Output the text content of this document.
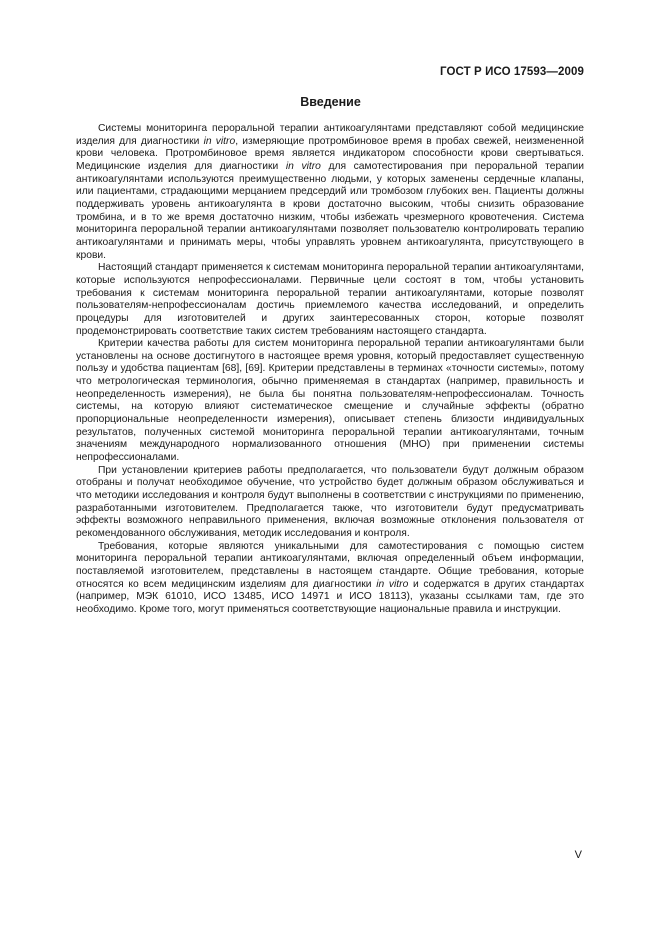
ГОСТ Р ИСО 17593—2009
Введение

Системы мониторинга пероральной терапии антикоагулянтами представляют собой медицинские изделия для диагностики in vitro, измеряющие протромбиновое время в пробах свежей, неизмененной крови человека. Протромбиновое время является индикатором способности крови свертываться. Медицинские изделия для диагностики in vitro для самотестирования при пероральной терапии антикоагулянтами используются преимущественно людьми, у которых заменены сердечные клапаны, или пациентами, страдающими мерцанием предсердий или тромбозом глубоких вен. Пациенты должны поддерживать уровень антикоагулянта в крови достаточно высоким, чтобы снизить образование тромбина, и в то же время достаточно низким, чтобы избежать чрезмерного кровотечения. Система мониторинга пероральной терапии антикоагулянтами позволяет пользователю контролировать терапию антикоагулянтами и принимать меры, чтобы управлять уровнем антикоагулянта, присутствующего в крови.

Настоящий стандарт применяется к системам мониторинга пероральной терапии антикоагулянтами, которые используются непрофессионалами. Первичные цели состоят в том, чтобы установить требования к системам мониторинга пероральной терапии антикоагулянтами, которые позволят пользователям-непрофессионалам достичь приемлемого качества исследований, и определить процедуры для изготовителей и других заинтересованных сторон, которые позволят продемонстрировать соответствие таких систем требованиям настоящего стандарта.

Критерии качества работы для систем мониторинга пероральной терапии антикоагулянтами были установлены на основе достигнутого в настоящее время уровня, который предоставляет существенную пользу и удобства пациентам [68], [69]. Критерии представлены в терминах «точности системы», потому что метрологическая терминология, обычно применяемая в стандартах (например, правильность и неопределенность измерения), не была бы понятна пользователям-непрофессионалам. Точность системы, на которую влияют систематическое смещение и случайные эффекты (обратно пропорциональные неопределенности измерения), описывает степень близости индивидуальных результатов, полученных системой мониторинга пероральной терапии антикоагулянтами, точным значениям международного нормализованного отношения (МНО) при применении системы непрофессионалами.

При установлении критериев работы предполагается, что пользователи будут должным образом отобраны и получат необходимое обучение, что устройство будет должным образом обслуживаться и что методики исследования и контроля будут выполнены в соответствии с инструкциями по применению, разработанными изготовителем. Предполагается также, что изготовители будут предусматривать эффекты возможного неправильного применения, включая возможные отклонения пользователя от рекомендованного обслуживания, методик исследования и контроля.

Требования, которые являются уникальными для самотестирования с помощью систем мониторинга пероральной терапии антикоагулянтами, включая определенный объем информации, поставляемой изготовителем, представлены в настоящем стандарте. Общие требования, которые относятся ко всем медицинским изделиям для диагностики in vitro и содержатся в других стандартах (например, МЭК 61010, ИСО 13485, ИСО 14971 и ИСО 18113), указаны ссылками там, где это необходимо. Кроме того, могут применяться соответствующие национальные правила и инструкции.

V
